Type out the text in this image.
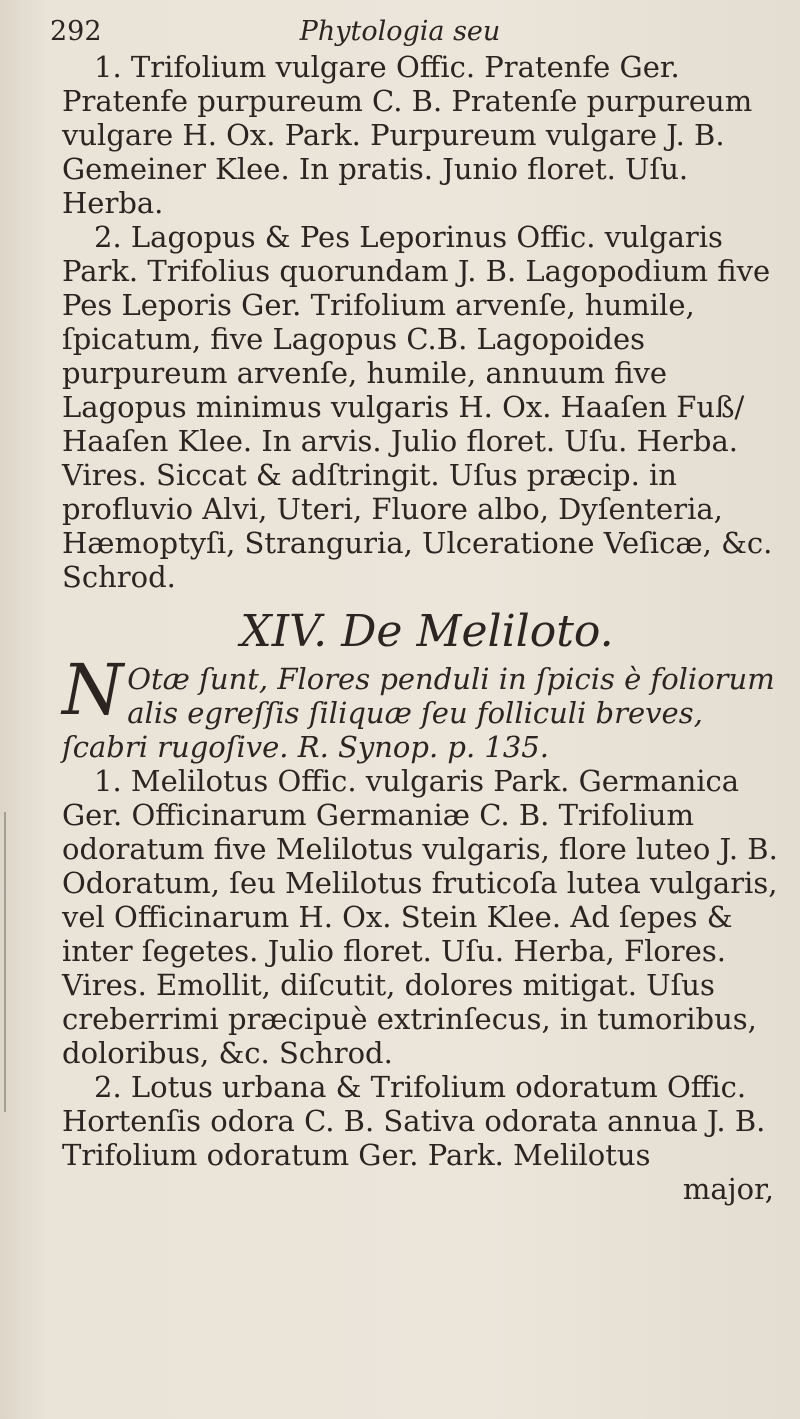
292	Phytologia seu

1. Trifolium vulgare Offic. Pratenfe Ger. Pratenfe purpureum C. B. Pratenſe purpureum vulgare H. Ox. Park. Purpureum vulgare J. B. Gemeiner Klee. In pratis. Junio floret. Uſu. Herba.

2. Lagopus & Pes Leporinus Offic. vulgaris Park. Trifolius quorundam J. B. Lagopodium five Pes Leporis Ger. Trifolium arvenſe, humile, ſpicatum, five Lagopus C.B. Lagopoides purpureum arvenſe, humile, annuum five Lagopus minimus vulgaris H. Ox. Haaſen Fuß/ Haaſen Klee. In arvis. Julio floret. Uſu. Herba. Vires. Siccat & adſtringit. Uſus præcip. in profluvio Alvi, Uteri, Fluore albo, Dyſenteria, Hæmoptyſi, Stranguria, Ulceratione Veſicæ, &c. Schrod.

XIV. De Meliloto.

N Otæ ſunt, Flores penduli in ſpicis è foliorum alis egreſſis ſiliquæ ſeu folliculi breves, ſcabri rugoſive. R. Synop. p. 135.

1. Melilotus Offic. vulgaris Park. Germanica Ger. Officinarum Germaniæ C. B. Trifolium odoratum five Melilotus vulgaris, flore luteo J. B. Odoratum, ſeu Melilotus fruticoſa lutea vulgaris, vel Officinarum H. Ox. Stein Klee. Ad ſepes & inter ſegetes. Julio floret. Uſu. Herba, Flores. Vires. Emollit, diſcutit, dolores mitigat. Uſus creberrimi præcipuè extrinſecus, in tumoribus, doloribus, &c. Schrod.

2. Lotus urbana & Trifolium odoratum Offic. Hortenſis odora C. B. Sativa odorata annua J. B. Trifolium odoratum Ger. Park. Melilotus

major,
